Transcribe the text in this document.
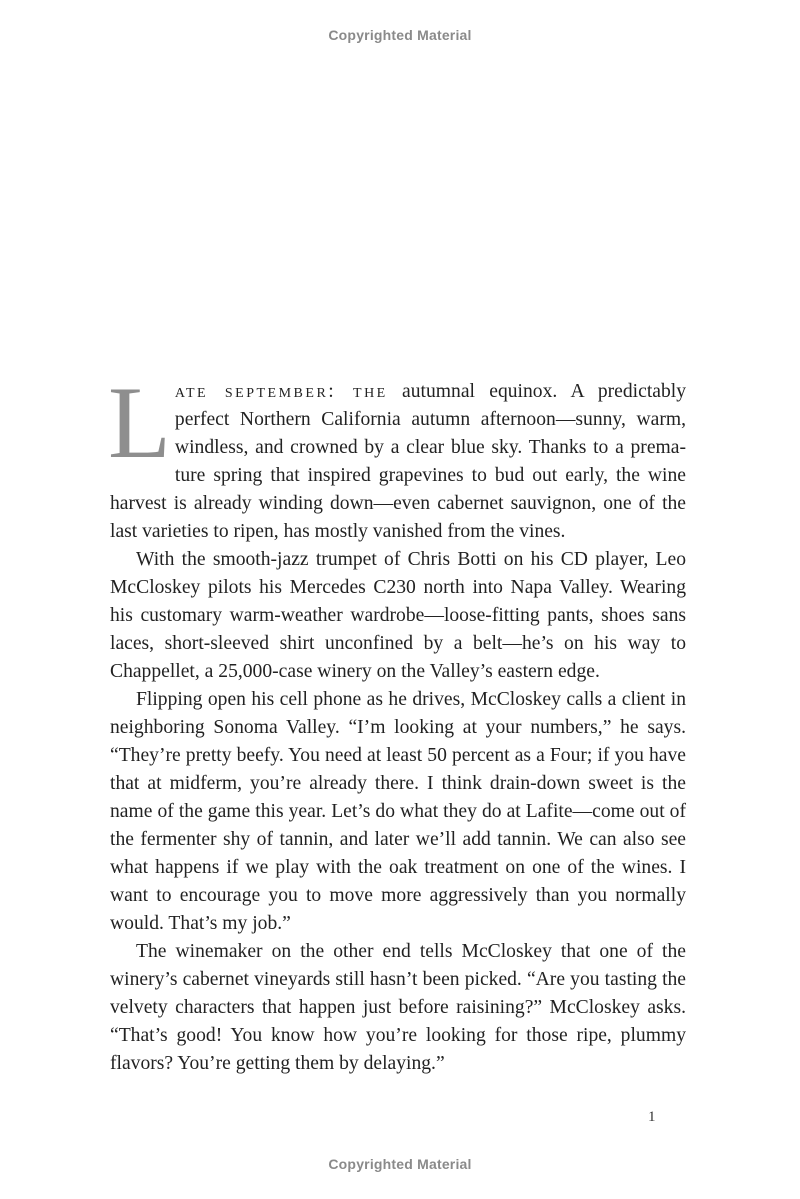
Copyrighted Material

Late september: the autumnal equinox. A predictably perfect Northern California autumn afternoon—sunny, warm, windless, and crowned by a clear blue sky. Thanks to a premature spring that inspired grapevines to bud out early, the wine harvest is already winding down—even cabernet sauvignon, one of the last varieties to ripen, has mostly vanished from the vines.

With the smooth-jazz trumpet of Chris Botti on his CD player, Leo McCloskey pilots his Mercedes C230 north into Napa Valley. Wearing his customary warm-weather wardrobe—loose-fitting pants, shoes sans laces, short-sleeved shirt unconfined by a belt—he’s on his way to Chappellet, a 25,000-case winery on the Valley’s eastern edge.

Flipping open his cell phone as he drives, McCloskey calls a client in neighboring Sonoma Valley. “I’m looking at your numbers,” he says. “They’re pretty beefy. You need at least 50 percent as a Four; if you have that at midferm, you’re already there. I think drain-down sweet is the name of the game this year. Let’s do what they do at Lafite—come out of the fermenter shy of tannin, and later we’ll add tannin. We can also see what happens if we play with the oak treatment on one of the wines. I want to encourage you to move more aggressively than you normally would. That’s my job.”

The winemaker on the other end tells McCloskey that one of the winery’s cabernet vineyards still hasn’t been picked. “Are you tasting the velvety characters that happen just before raisining?” McCloskey asks. “That’s good! You know how you’re looking for those ripe, plummy flavors? You’re getting them by delaying.”

1
Copyrighted Material
